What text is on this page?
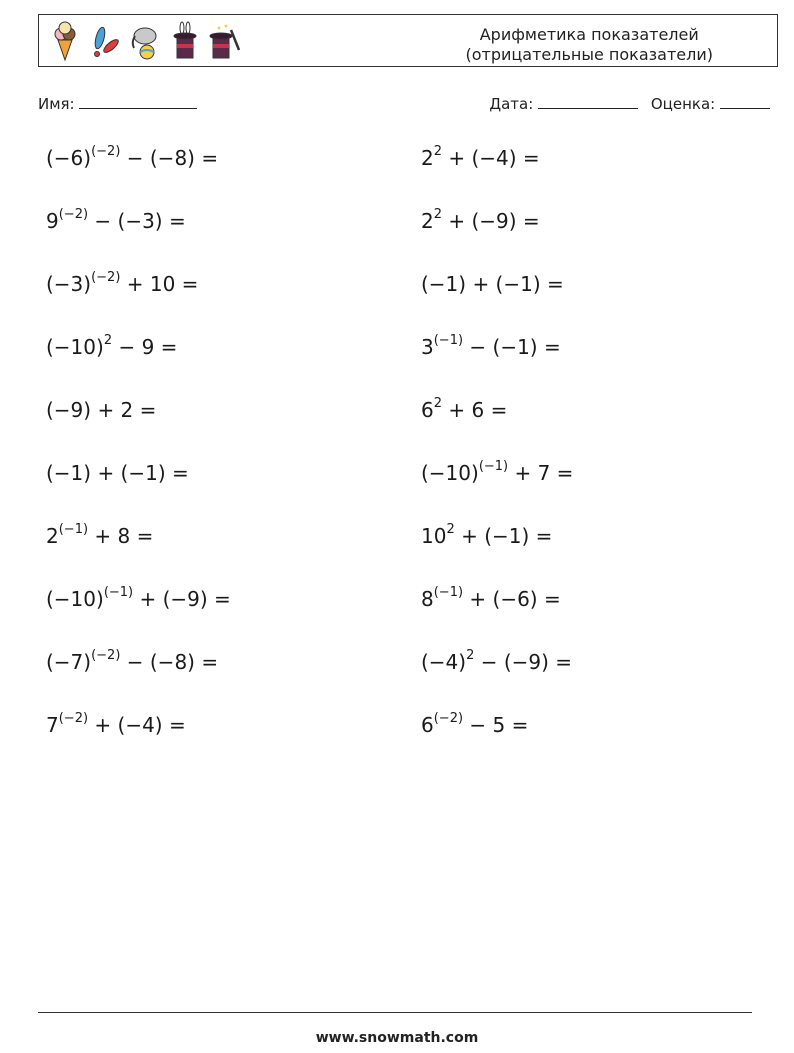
Арифметика показателей
(отрицательные показатели)
Имя:	Дата:	Оценка:
$(-6)^{(-2)} - (-8)$ =	$2^2 + (-4)$ =
$9^{(-2)} - (-3)$ =	$2^2 + (-9)$ =
$(-3)^{(-2)} + 10$ =	(−1) + (−1) =
$(-10)^2 - 9$ =	$3^{(-1)} - (-1)$ =
(−9) + 2 =	$6^2 + 6$ =
(−1) + (−1) =	$(-10)^{(-1)} + 7$ =
$2^{(-1)} + 8$ =	$10^2 + (-1)$ =
$(-10)^{(-1)} + (-9)$ =	$8^{(-1)} + (-6)$ =
$(-7)^{(-2)} - (-8)$ =	$(-4)^2 - (-9)$ =
$7^{(-2)} + (-4)$ =	$6^{(-2)} - 5$ =
www.snowmath.com
